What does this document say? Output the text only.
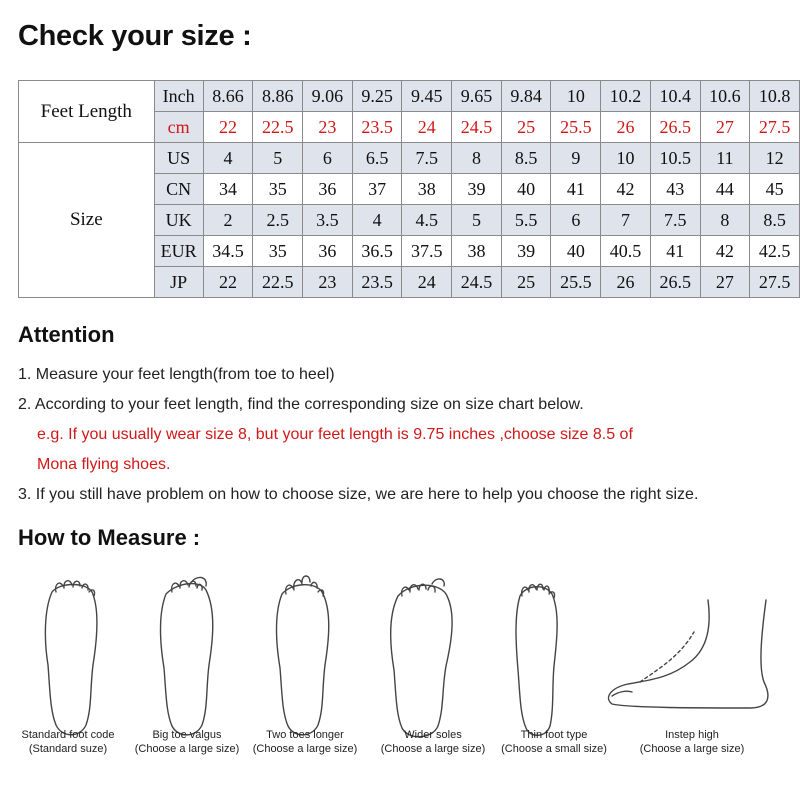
Check your size :
Feet Length	Inch	8.66	8.86	9.06	9.25	9.45	9.65	9.84	10	10.2	10.4	10.6	10.8
	cm	22	22.5	23	23.5	24	24.5	25	25.5	26	26.5	27	27.5
Size	US	4	5	6	6.5	7.5	8	8.5	9	10	10.5	11	12
	CN	34	35	36	37	38	39	40	41	42	43	44	45
	UK	2	2.5	3.5	4	4.5	5	5.5	6	7	7.5	8	8.5
	EUR	34.5	35	36	36.5	37.5	38	39	40	40.5	41	42	42.5
	JP	22	22.5	23	23.5	24	24.5	25	25.5	26	26.5	27	27.5
Attention
1. Measure your feet length(from toe to heel)
2. According to your feet length, find the corresponding size on size chart below.
e.g. If you usually wear size 8, but your feet length is 9.75 inches ,choose size 8.5 of
Mona flying shoes.
3. If you still have problem on how to choose size, we are here to help you choose the right size.
How to Measure :
Standard foot code
(Standard suze)
Big toe valgus
(Choose a large size)
Two toes longer
(Choose a large size)
Wider soles
(Choose a large size)
Thin foot type
(Choose a small size)
Instep high
(Choose a large size)
